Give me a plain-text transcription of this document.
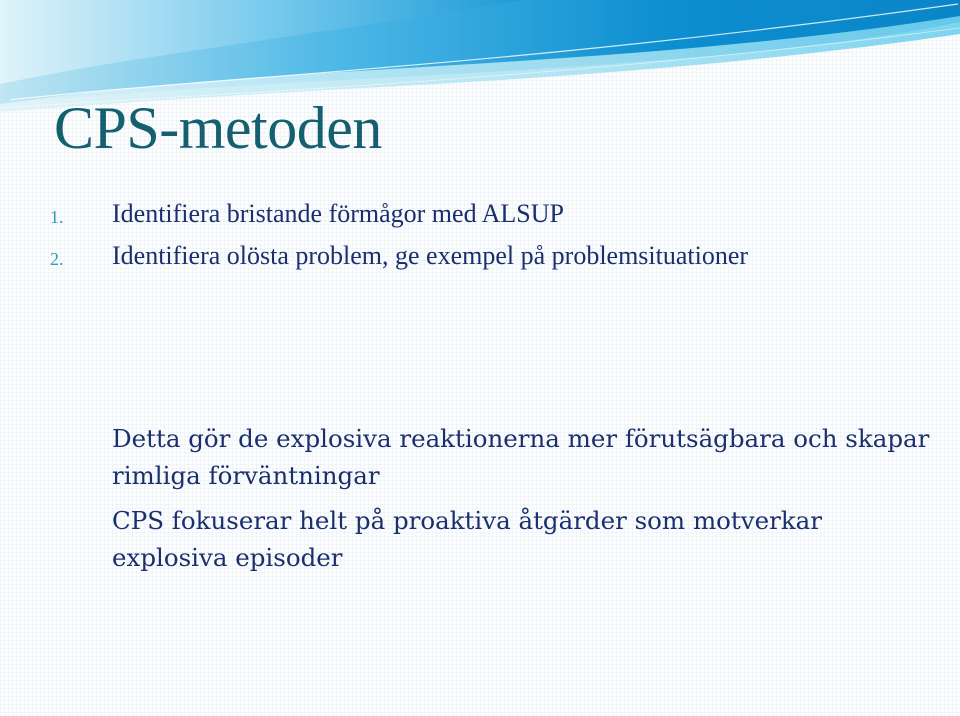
CPS-metoden
1. Identifiera bristande förmågor med ALSUP
2. Identifiera olösta problem, ge exempel på problemsituationer

Detta gör de explosiva reaktionerna mer förutsägbara och skapar rimliga förväntningar

CPS fokuserar helt på proaktiva åtgärder som motverkar explosiva episoder
